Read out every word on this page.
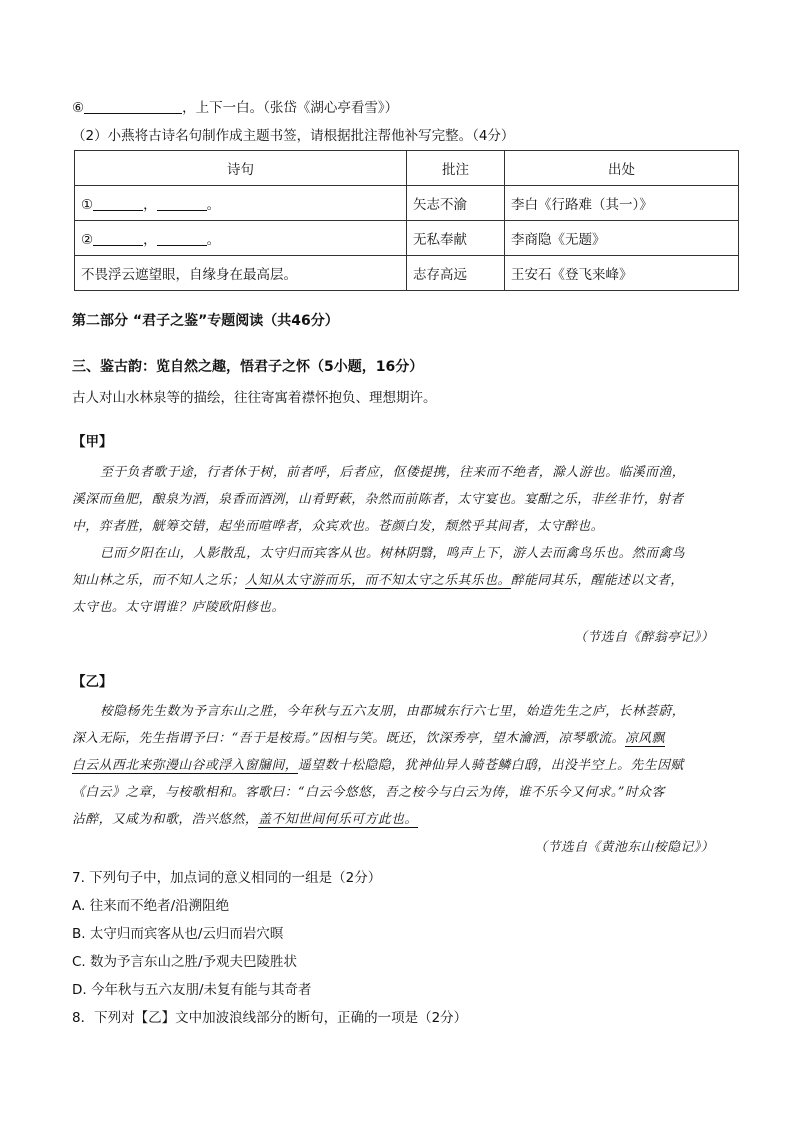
⑥	，上下一白。（张岱《湖心亭看雪》）
（2）小燕将古诗名句制作成主题书签，请根据批注帮他补写完整。（4分）
诗句	批注	出处
① ， 。	矢志不渝	李白《行路难（其一）》
② ， 。	无私奉献	李商隐《无题》
不畏浮云遮望眼，自缘身在最高层。	志存高远	王安石《登飞来峰》
第二部分 “君子之鉴”专题阅读（共46分）
三、鉴古韵：览自然之趣，悟君子之怀（5小题，16分）
古人对山水林泉等的描绘，往往寄寓着襟怀抱负、理想期许。
【甲】
至于负者歌于途，行者休于树，前者呼，后者应，伛偻提携，往来而不绝者，滁人游也。临溪而渔，
溪深而鱼肥，酿泉为酒，泉香而酒洌，山肴野蔌，杂然而前陈者，太守宴也。宴酣之乐，非丝非竹，射者
中，弈者胜，觥筹交错，起坐而喧哗者，众宾欢也。苍颜白发，颓然乎其间者，太守醉也。
已而夕阳在山，人影散乱，太守归而宾客从也。树林阴翳，鸣声上下，游人去而禽鸟乐也。然而禽鸟
知山林之乐，而不知人之乐；人知从太守游而乐，而不知太守之乐其乐也。醉能同其乐，醒能述以文者，
太守也。太守谓谁？庐陵欧阳修也。
（节选自《醉翁亭记》）
【乙】
桉隐杨先生数为予言东山之胜，今年秋与五六友朋，由郡城东行六七里，始造先生之庐，长林荟蔚，
深入无际，先生指谓予曰：“吾于是桉焉。”因相与笑。既还，饮深秀亭，望木瀹洒，凉琴歌流。凉风飘
白云从西北来弥漫山谷或浮入窗牖间，遥望数十松隐隐，犹神仙异人骑苍鳞白鸱，出没半空上。先生因赋
《白云》之章，与桉歌相和。客歌曰：“白云今悠悠，吾之桉今与白云为俦，谁不乐今又何求。”时众客
沾醉，又咸为和歌，浩兴悠然，盖不知世间何乐可方此也。
（节选自《黄池东山桉隐记》）
7. 下列句子中，加点词的意义相同的一组是（2分）
A. 往来而不绝者/沿溯阻绝
B. 太守归而宾客从也/云归而岩穴暝
C. 数为予言东山之胜/予观夫巴陵胜状
D. 今年秋与五六友朋/未复有能与其奇者
8．下列对【乙】文中加波浪线部分的断句，正确的一项是（2分）
